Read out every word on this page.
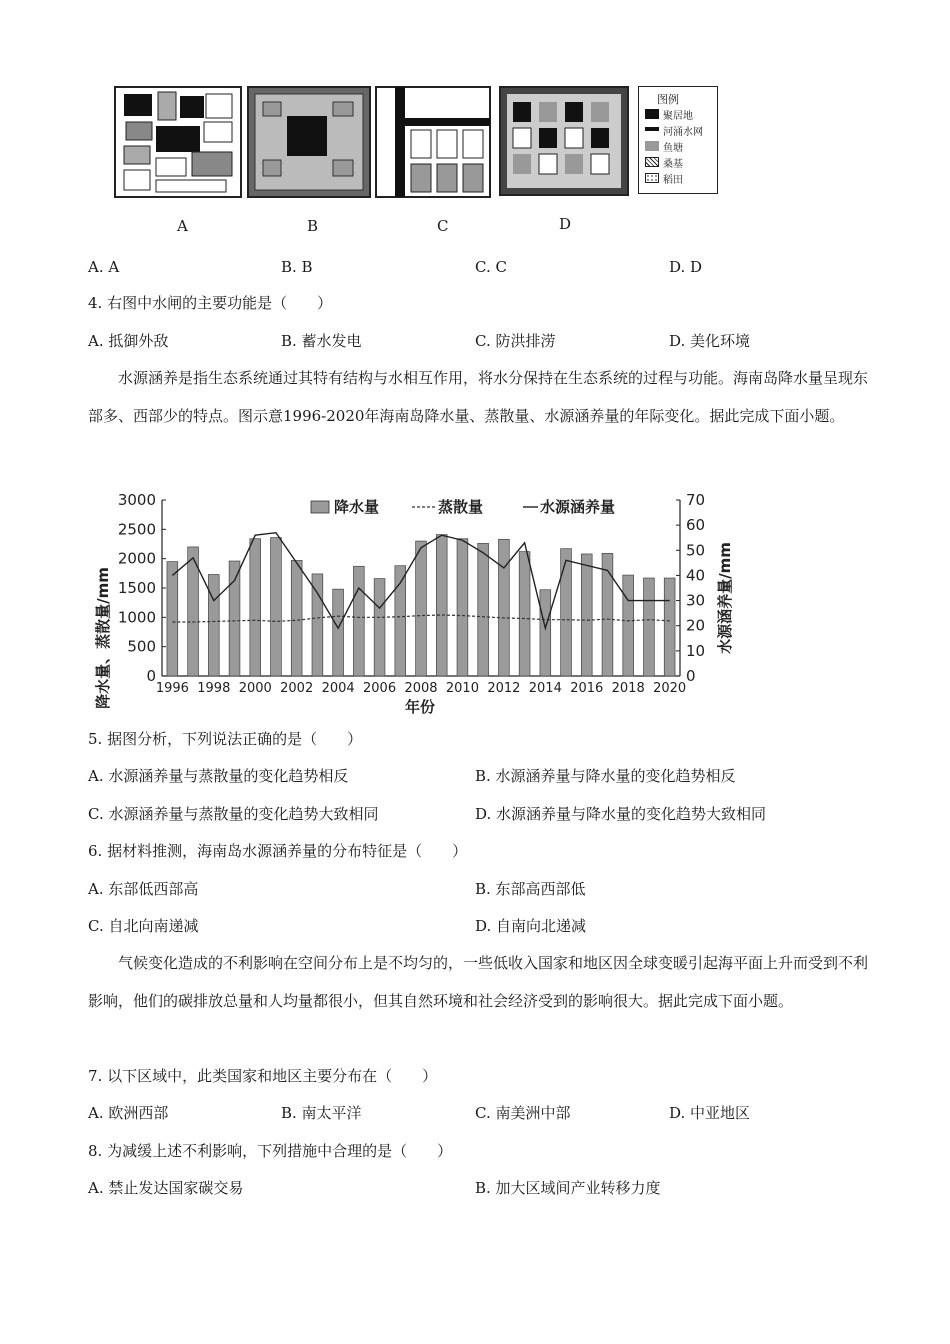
图例
聚居地
河涌水网
鱼塘
桑基
稻田
A	B	C	D
A. A	B. B	C. C	D. D
4. 右图中水闸的主要功能是（　　）
A. 抵御外敌	B. 蓄水发电	C. 防洪排涝	D. 美化环境
水源涵养是指生态系统通过其特有结构与水相互作用，将水分保持在生态系统的过程与功能。海南岛降水量呈现东部多、西部少的特点。图示意1996-2020年海南岛降水量、蒸散量、水源涵养量的年际变化。据此完成下面小题。
0
500
1000
1500
2000
2500
3000
0
10
20
30
40
50
60
70
1996 1998 2000 2002 2004 2006 2008 2010 2012 2014 2016 2018 2020
降水量	蒸散量	水源涵养量
降水量、蒸散量/mm	水源涵养量/mm
年份
5. 据图分析，下列说法正确的是（　　）
A. 水源涵养量与蒸散量的变化趋势相反	B. 水源涵养量与降水量的变化趋势相反
C. 水源涵养量与蒸散量的变化趋势大致相同	D. 水源涵养量与降水量的变化趋势大致相同
6. 据材料推测，海南岛水源涵养量的分布特征是（　　）
A. 东部低西部高	B. 东部高西部低
C. 自北向南递减	D. 自南向北递减
气候变化造成的不利影响在空间分布上是不均匀的，一些低收入国家和地区因全球变暖引起海平面上升而受到不利影响，他们的碳排放总量和人均量都很小，但其自然环境和社会经济受到的影响很大。据此完成下面小题。
7. 以下区域中，此类国家和地区主要分布在（　　）
A. 欧洲西部	B. 南太平洋	C. 南美洲中部	D. 中亚地区
8. 为减缓上述不利影响，下列措施中合理的是（　　）
A. 禁止发达国家碳交易	B. 加大区域间产业转移力度
